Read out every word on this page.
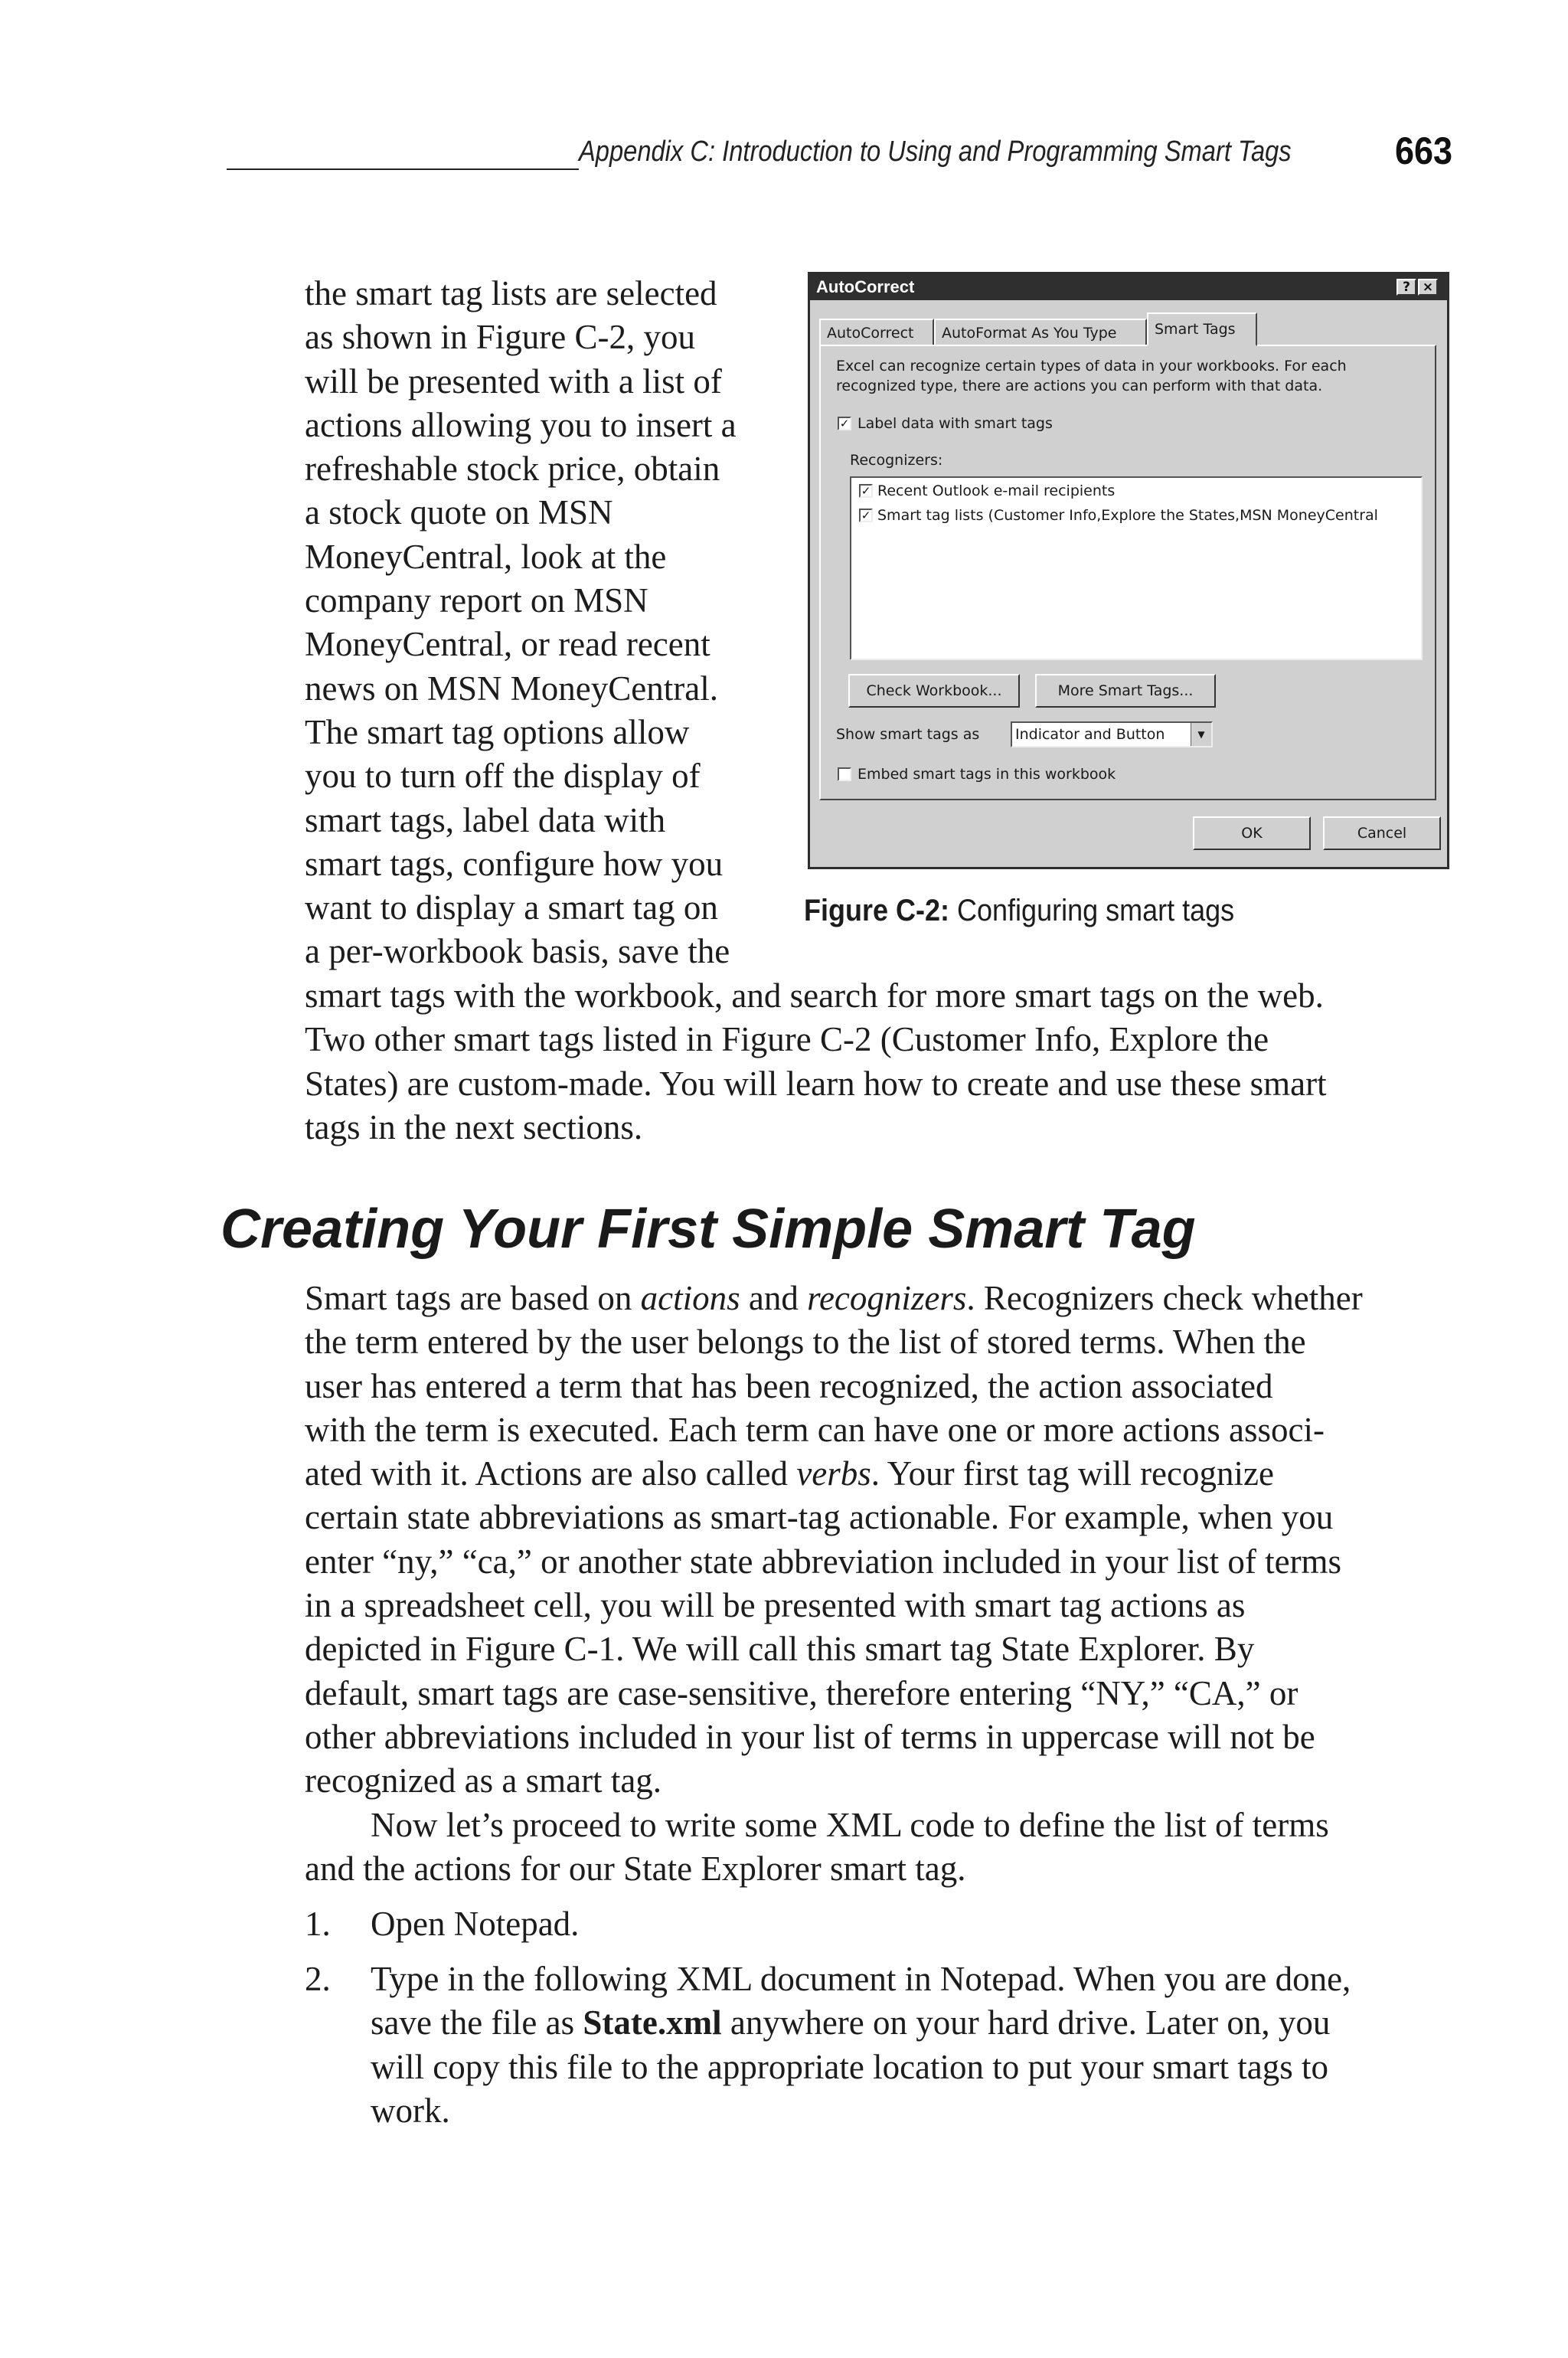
Appendix C: Introduction to Using and Programming Smart Tags	663
the smart tag lists are selected
as shown in Figure C-2, you
will be presented with a list of
actions allowing you to insert a
refreshable stock price, obtain
a stock quote on MSN
MoneyCentral, look at the
company report on MSN
MoneyCentral, or read recent
news on MSN MoneyCentral.
The smart tag options allow
you to turn off the display of
smart tags, label data with
smart tags, configure how you
want to display a smart tag on
a per-workbook basis, save the
AutoCorrect	? ×
AutoCorrect	AutoFormat As You Type	Smart Tags
Excel can recognize certain types of data in your workbooks. For each
recognized type, there are actions you can perform with that data.
✓ Label data with smart tags
Recognizers:
✓ Recent Outlook e-mail recipients
✓ Smart tag lists (Customer Info,Explore the States,MSN MoneyCentral
Check Workbook...	More Smart Tags...
Show smart tags as Indicator and Button	▼
Embed smart tags in this workbook
OK	Cancel
Figure C-2: Configuring smart tags
smart tags with the workbook, and search for more smart tags on the web.
Two other smart tags listed in Figure C-2 (Customer Info, Explore the
States) are custom-made. You will learn how to create and use these smart
tags in the next sections.
Creating Your First Simple Smart Tag
Smart tags are based on actions and recognizers. Recognizers check whether
the term entered by the user belongs to the list of stored terms. When the
user has entered a term that has been recognized, the action associated
with the term is executed. Each term can have one or more actions associ-
ated with it. Actions are also called verbs. Your first tag will recognize
certain state abbreviations as smart-tag actionable. For example, when you
enter “ny,” “ca,” or another state abbreviation included in your list of terms
in a spreadsheet cell, you will be presented with smart tag actions as
depicted in Figure C-1. We will call this smart tag State Explorer. By
default, smart tags are case-sensitive, therefore entering “NY,” “CA,” or
other abbreviations included in your list of terms in uppercase will not be
recognized as a smart tag.
Now let’s proceed to write some XML code to define the list of terms
and the actions for our State Explorer smart tag.
1. Open Notepad.
2. Type in the following XML document in Notepad. When you are done,
save the file as State.xml anywhere on your hard drive. Later on, you
will copy this file to the appropriate location to put your smart tags to
work.
